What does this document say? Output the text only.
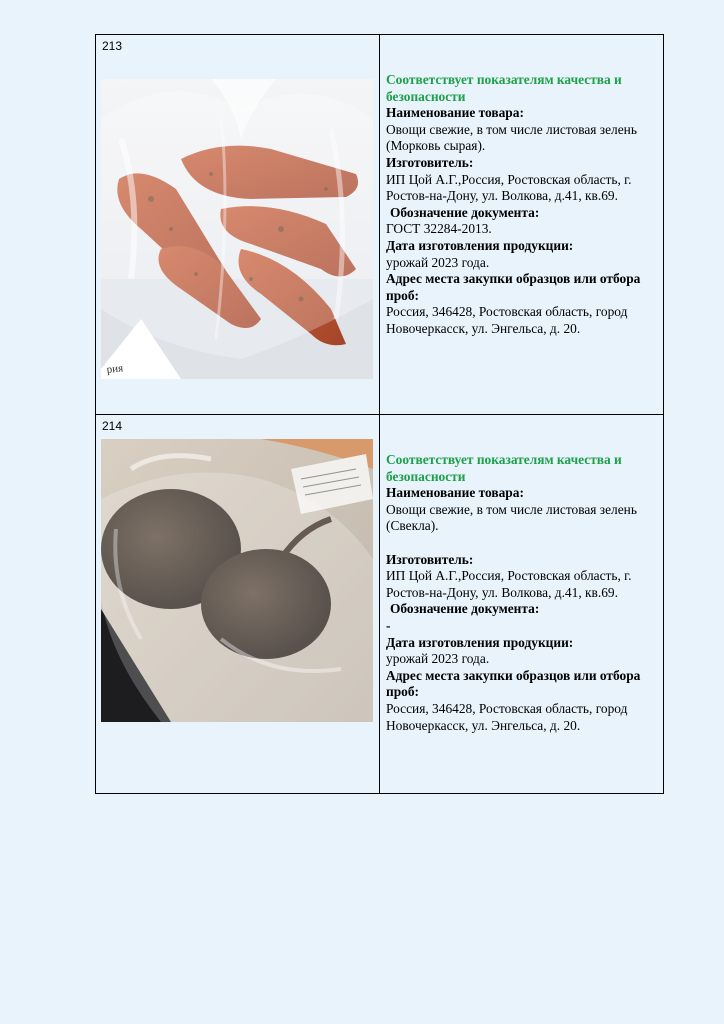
213
рия
Соответствует показателям качества и безопасности
Наименование товара:
Овощи свежие, в том числе листовая зелень (Морковь сырая).
Изготовитель:
ИП Цой А.Г.,Россия, Ростовская область, г. Ростов-на-Дону, ул. Волкова, д.41, кв.69.
Обозначение документа:
ГОСТ 32284-2013.
Дата изготовления продукции:
урожай 2023 года.
Адрес места закупки образцов или отбора проб:
Россия, 346428, Ростовская область, город Новочеркасск, ул. Энгельса, д. 20.
214
Соответствует показателям качества и безопасности
Наименование товара:
Овощи свежие, в том числе листовая зелень (Свекла).
Изготовитель:
ИП Цой А.Г.,Россия, Ростовская область, г. Ростов-на-Дону, ул. Волкова, д.41, кв.69.
Обозначение документа:
-
Дата изготовления продукции:
урожай 2023 года.
Адрес места закупки образцов или отбора проб:
Россия, 346428, Ростовская область, город Новочеркасск, ул. Энгельса, д. 20.
